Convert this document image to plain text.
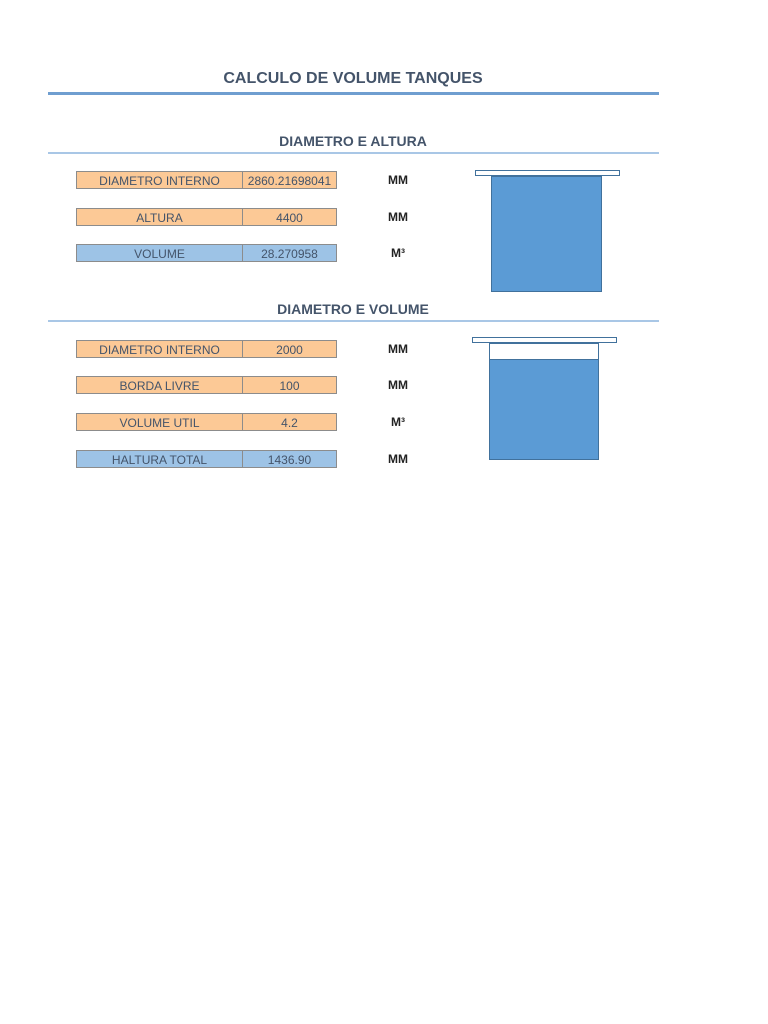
CALCULO DE VOLUME TANQUES
DIAMETRO E ALTURA
DIAMETRO INTERNO	2860.21698041	MM
ALTURA	4400	MM
VOLUME	28.270958	M³
DIAMETRO E VOLUME
DIAMETRO INTERNO	2000	MM
BORDA LIVRE	100	MM
VOLUME UTIL	4.2	M³
HALTURA TOTAL	1436.90	MM
